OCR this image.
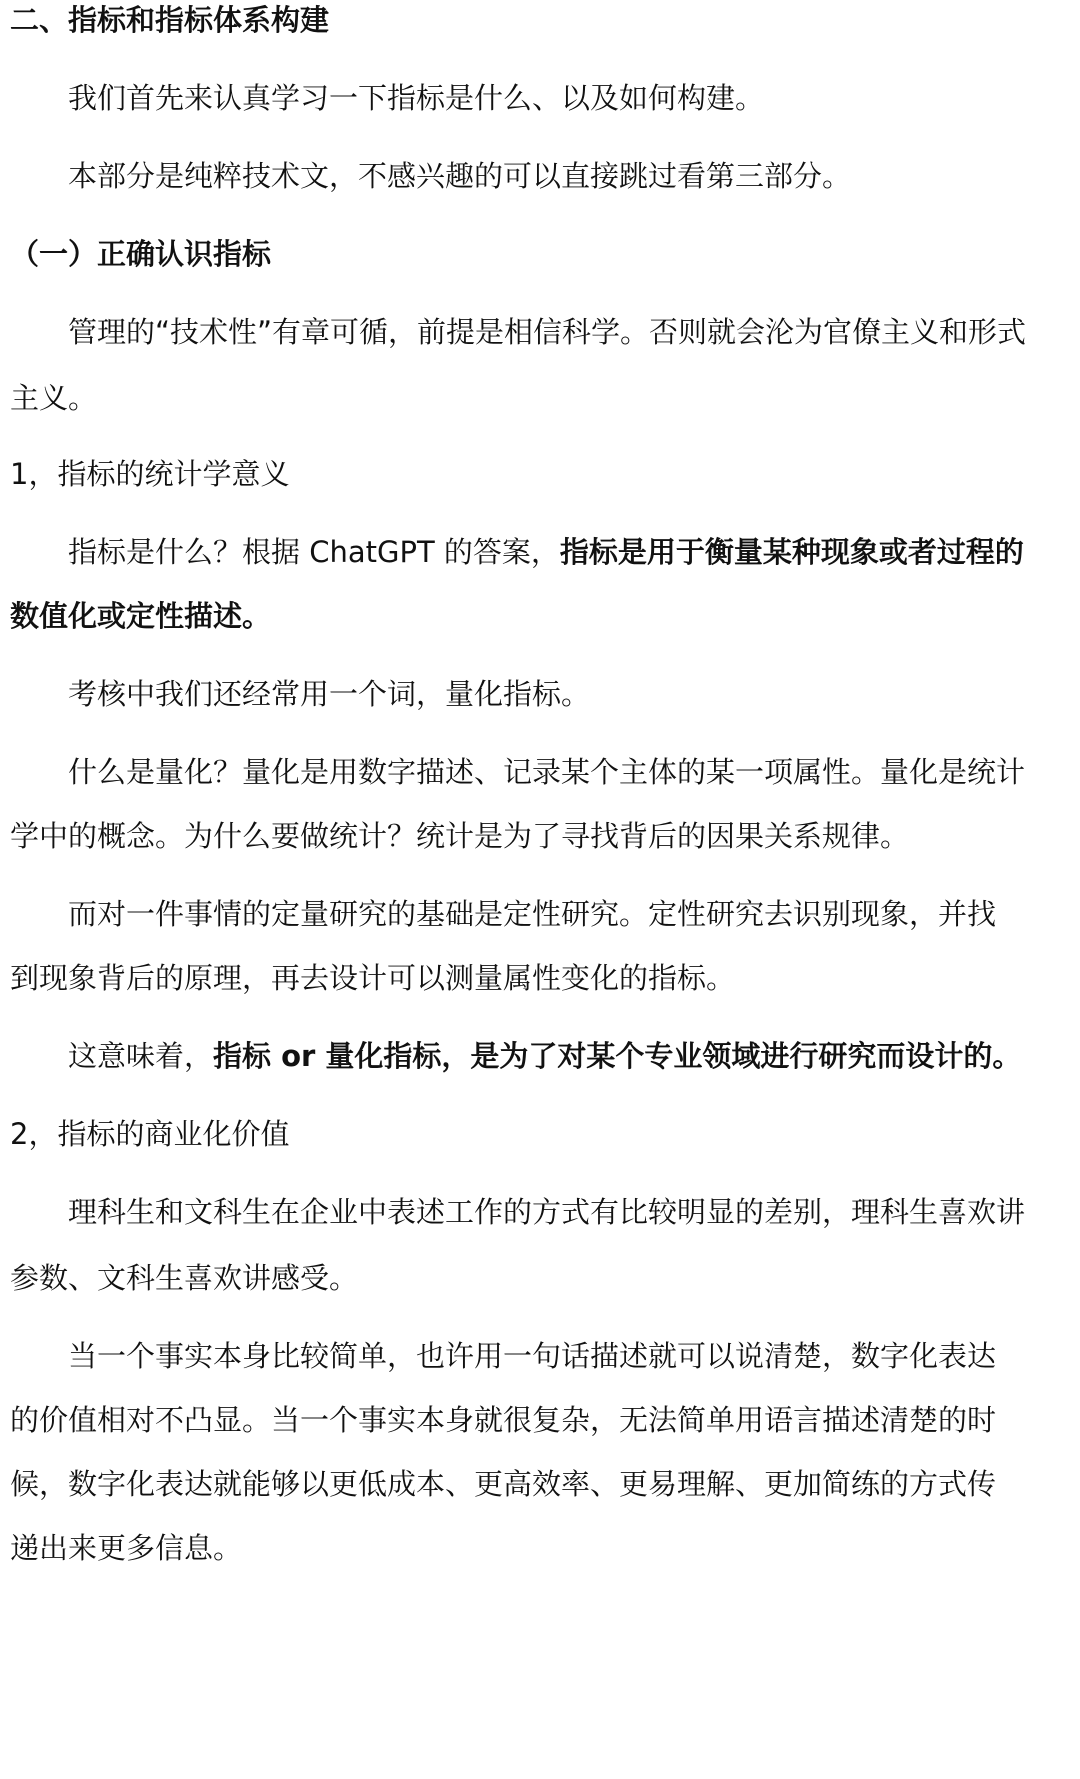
二、指标和指标体系构建
我们首先来认真学习一下指标是什么、以及如何构建。
本部分是纯粹技术文，不感兴趣的可以直接跳过看第三部分。
（一）正确认识指标
管理的“技术性”有章可循，前提是相信科学。否则就会沦为官僚主义和形式
主义。
1，指标的统计学意义
指标是什么？根据 ChatGPT 的答案，指标是用于衡量某种现象或者过程的
数值化或定性描述。
考核中我们还经常用一个词，量化指标。
什么是量化？量化是用数字描述、记录某个主体的某一项属性。量化是统计
学中的概念。为什么要做统计？统计是为了寻找背后的因果关系规律。
而对一件事情的定量研究的基础是定性研究。定性研究去识别现象，并找
到现象背后的原理，再去设计可以测量属性变化的指标。
这意味着，指标 or 量化指标，是为了对某个专业领域进行研究而设计的。
2，指标的商业化价值
理科生和文科生在企业中表述工作的方式有比较明显的差别，理科生喜欢讲
参数、文科生喜欢讲感受。
当一个事实本身比较简单，也许用一句话描述就可以说清楚，数字化表达
的价值相对不凸显。当一个事实本身就很复杂，无法简单用语言描述清楚的时
候，数字化表达就能够以更低成本、更高效率、更易理解、更加简练的方式传
递出来更多信息。
